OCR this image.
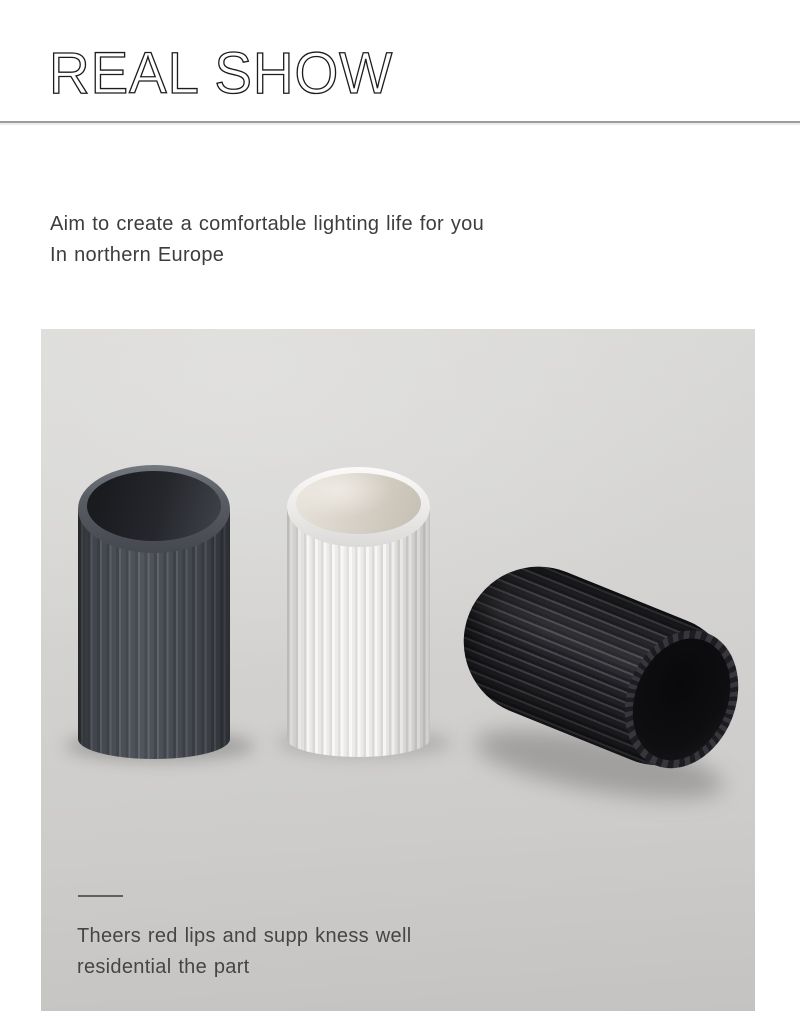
REAL SHOW
Aim to create a comfortable lighting life for you
In northern Europe
Theers red lips and supp kness well
residential the part
